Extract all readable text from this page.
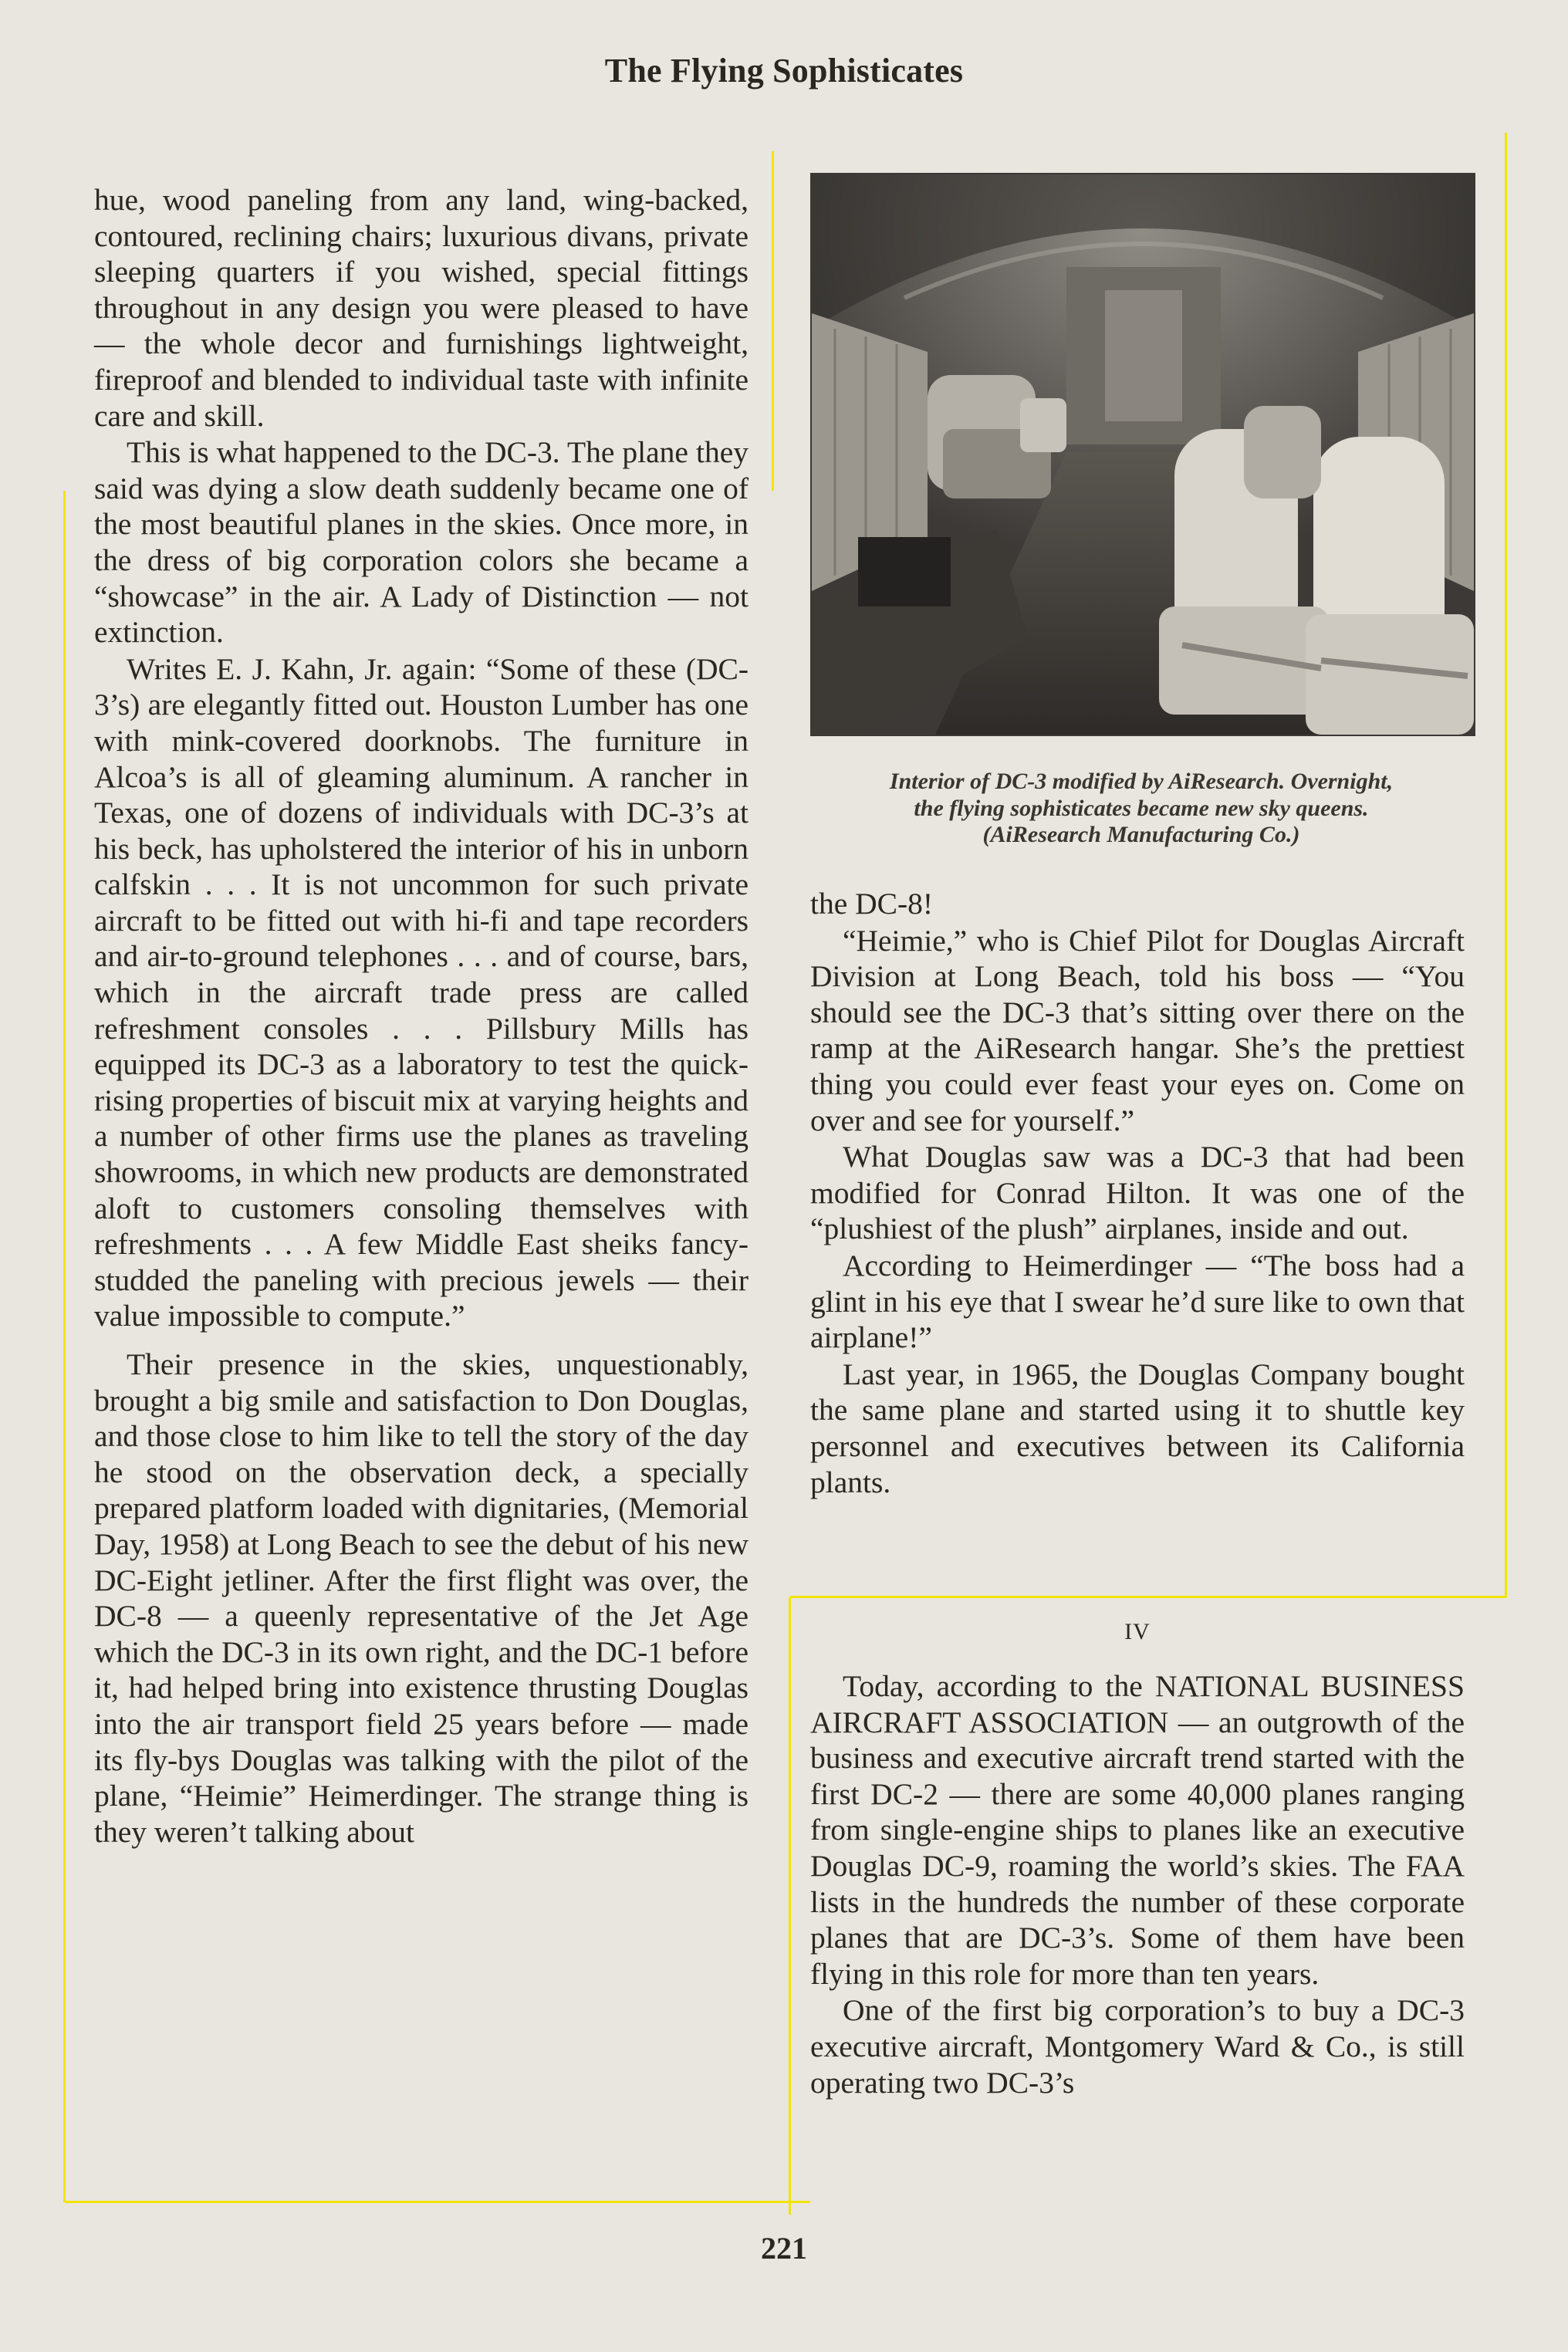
The Flying Sophisticates

hue, wood paneling from any land, wing-backed, contoured, reclining chairs; luxurious divans, private sleeping quarters if you wished, special fittings throughout in any design you were pleased to have — the whole decor and furnishings lightweight, fireproof and blended to individual taste with infinite care and skill.

This is what happened to the DC-3. The plane they said was dying a slow death suddenly became one of the most beautiful planes in the skies. Once more, in the dress of big corporation colors she became a “showcase” in the air. A Lady of Distinction — not extinction.

Writes E. J. Kahn, Jr. again: “Some of these (DC-3’s) are elegantly fitted out. Houston Lumber has one with mink-covered doorknobs. The furniture in Alcoa’s is all of gleaming aluminum. A rancher in Texas, one of dozens of individuals with DC-3’s at his beck, has upholstered the interior of his in unborn calfskin . . . It is not uncommon for such private aircraft to be fitted out with hi-fi and tape recorders and air-to-ground telephones . . . and of course, bars, which in the aircraft trade press are called refreshment consoles . . . Pillsbury Mills has equipped its DC-3 as a laboratory to test the quick-rising properties of biscuit mix at varying heights and a number of other firms use the planes as traveling showrooms, in which new products are demonstrated aloft to customers consoling themselves with refreshments . . . A few Middle East sheiks fancy-studded the paneling with precious jewels — their value impossible to compute.”

Their presence in the skies, unquestionably, brought a big smile and satisfaction to Don Douglas, and those close to him like to tell the story of the day he stood on the observation deck, a specially prepared platform loaded with dignitaries, (Memorial Day, 1958) at Long Beach to see the debut of his new DC-Eight jetliner. After the first flight was over, the DC-8 — a queenly representative of the Jet Age which the DC-3 in its own right, and the DC-1 before it, had helped bring into existence thrusting Douglas into the air transport field 25 years before — made its fly-bys Douglas was talking with the pilot of the plane, “Heimie” Heimerdinger. The strange thing is they weren’t talking about

Interior of DC-3 modified by AiResearch. Overnight,
the flying sophisticates became new sky queens.
(AiResearch Manufacturing Co.)

the DC-8!

“Heimie,” who is Chief Pilot for Douglas Aircraft Division at Long Beach, told his boss — “You should see the DC-3 that’s sitting over there on the ramp at the AiResearch hangar. She’s the prettiest thing you could ever feast your eyes on. Come on over and see for yourself.”

What Douglas saw was a DC-3 that had been modified for Conrad Hilton. It was one of the “plushiest of the plush” airplanes, inside and out.

According to Heimerdinger — “The boss had a glint in his eye that I swear he’d sure like to own that airplane!”

Last year, in 1965, the Douglas Company bought the same plane and started using it to shuttle key personnel and executives between its California plants.

IV

Today, according to the NATIONAL BUSINESS AIRCRAFT ASSOCIATION — an outgrowth of the business and executive aircraft trend started with the first DC-2 — there are some 40,000 planes ranging from single-engine ships to planes like an executive Douglas DC-9, roaming the world’s skies. The FAA lists in the hundreds the number of these corporate planes that are DC-3’s. Some of them have been flying in this role for more than ten years.

One of the first big corporation’s to buy a DC-3 executive aircraft, Montgomery Ward & Co., is still operating two DC-3’s

221
